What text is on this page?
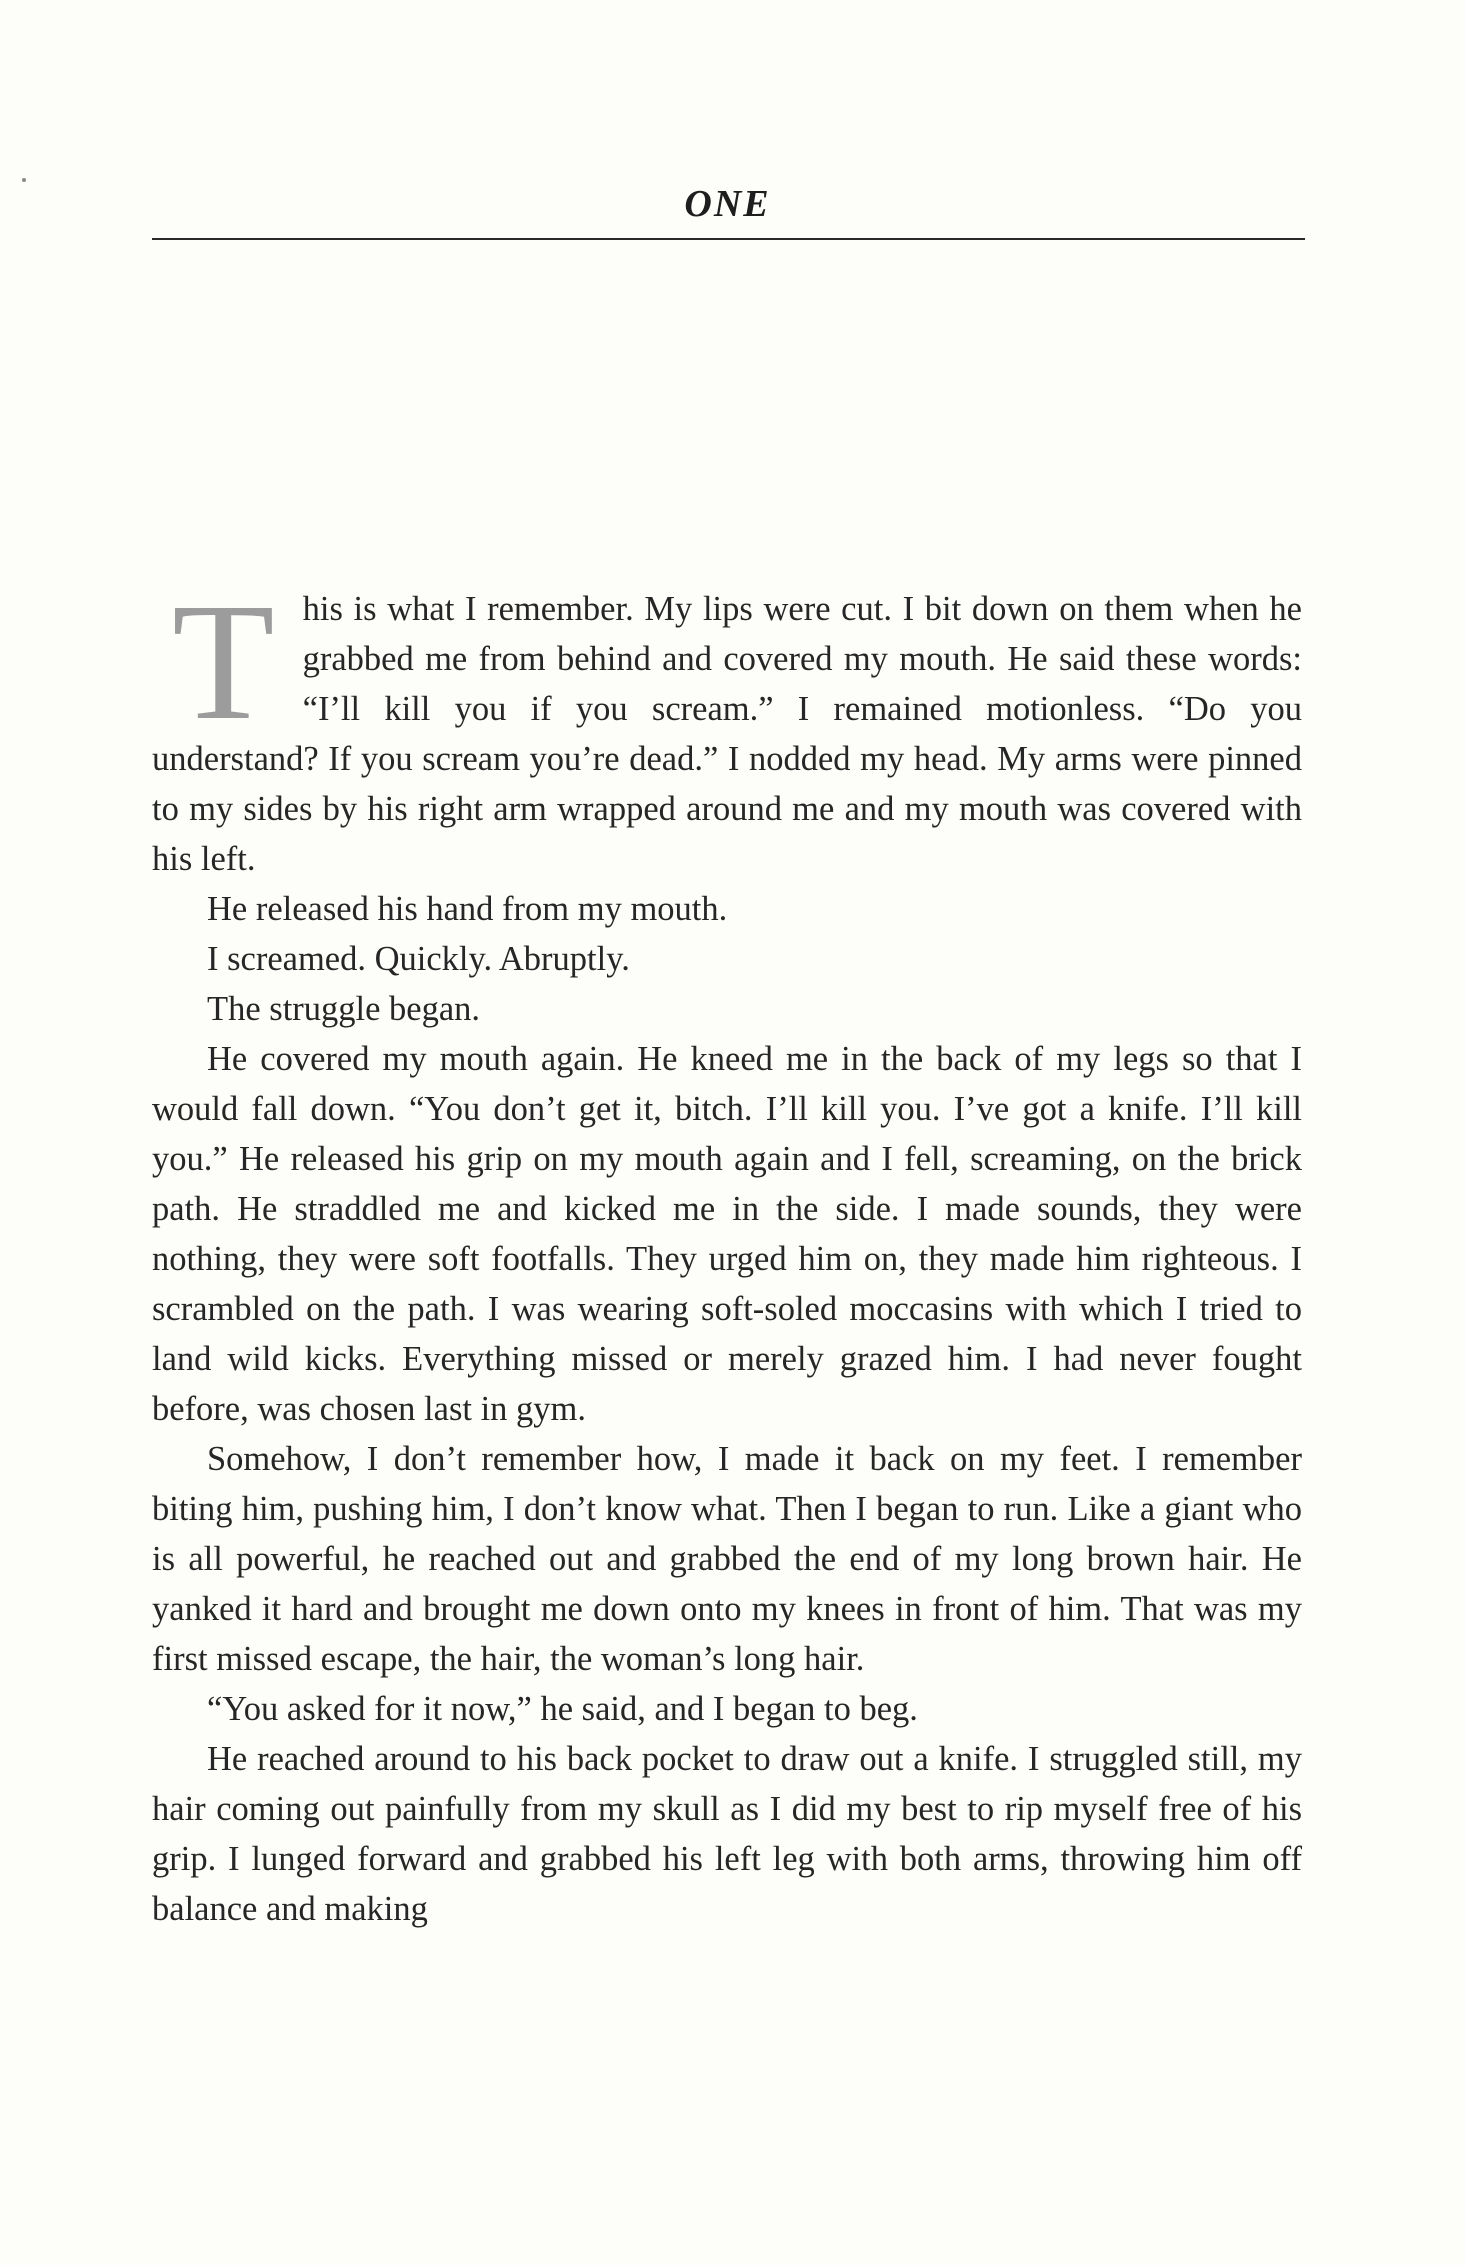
ONE

This is what I remember. My lips were cut. I bit down on them when he grabbed me from behind and covered my mouth. He said these words: “I’ll kill you if you scream.” I remained motionless. “Do you understand? If you scream you’re dead.” I nodded my head. My arms were pinned to my sides by his right arm wrapped around me and my mouth was covered with his left.

He released his hand from my mouth.

I screamed. Quickly. Abruptly.

The struggle began.

He covered my mouth again. He kneed me in the back of my legs so that I would fall down. “You don’t get it, bitch. I’ll kill you. I’ve got a knife. I’ll kill you.” He released his grip on my mouth again and I fell, screaming, on the brick path. He straddled me and kicked me in the side. I made sounds, they were nothing, they were soft footfalls. They urged him on, they made him righteous. I scrambled on the path. I was wearing soft-soled moccasins with which I tried to land wild kicks. Everything missed or merely grazed him. I had never fought before, was chosen last in gym.

Somehow, I don’t remember how, I made it back on my feet. I remember biting him, pushing him, I don’t know what. Then I began to run. Like a giant who is all powerful, he reached out and grabbed the end of my long brown hair. He yanked it hard and brought me down onto my knees in front of him. That was my first missed escape, the hair, the woman’s long hair.

“You asked for it now,” he said, and I began to beg.

He reached around to his back pocket to draw out a knife. I struggled still, my hair coming out painfully from my skull as I did my best to rip myself free of his grip. I lunged forward and grabbed his left leg with both arms, throwing him off balance and making
